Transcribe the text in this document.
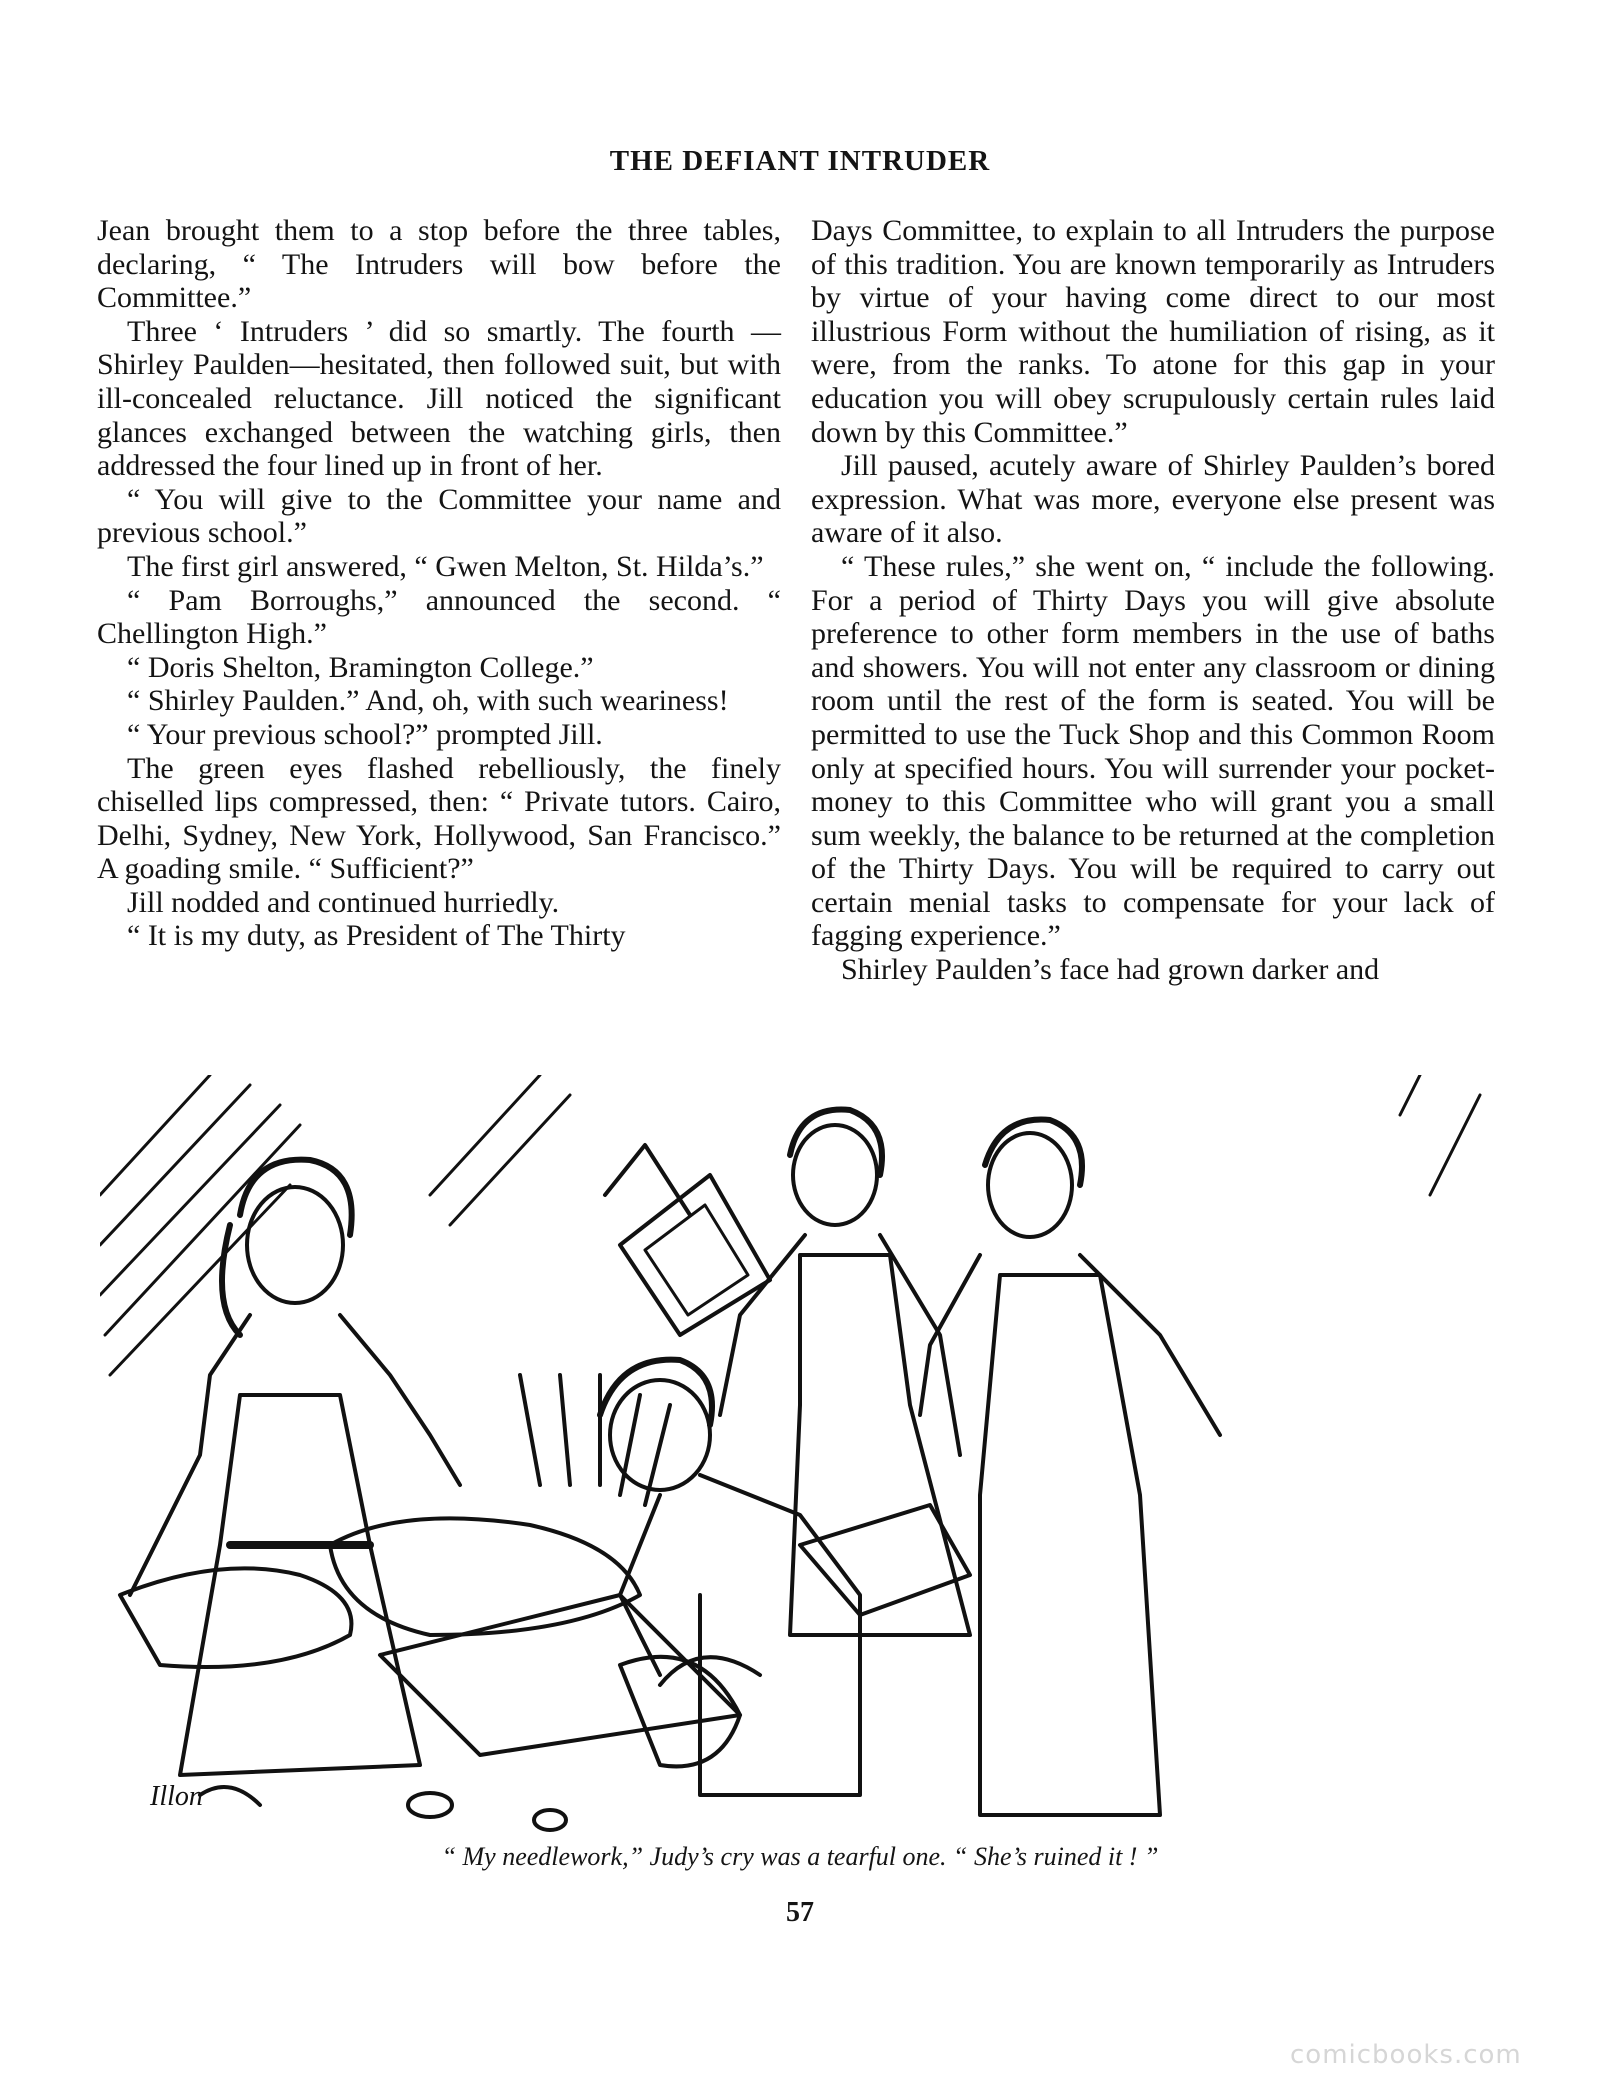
THE DEFIANT INTRUDER

Jean brought them to a stop before the three tables, declaring, “ The Intruders will bow before the Committee.”

Three ‘ Intruders ’ did so smartly. The fourth —Shirley Paulden—hesitated, then followed suit, but with ill-concealed reluctance. Jill noticed the significant glances exchanged between the watching girls, then addressed the four lined up in front of her.

“ You will give to the Committee your name and previous school.”

The first girl answered, “ Gwen Melton, St. Hilda’s.”

“ Pam Borroughs,” announced the second. “ Chellington High.”

“ Doris Shelton, Bramington College.”

“ Shirley Paulden.” And, oh, with such weariness!

“ Your previous school?” prompted Jill.

The green eyes flashed rebelliously, the finely chiselled lips compressed, then: “ Private tutors. Cairo, Delhi, Sydney, New York, Hollywood, San Francisco.” A goading smile. “ Sufficient?”

Jill nodded and continued hurriedly.

“ It is my duty, as President of The Thirty

Days Committee, to explain to all Intruders the purpose of this tradition. You are known temporarily as Intruders by virtue of your having come direct to our most illustrious Form without the humiliation of rising, as it were, from the ranks. To atone for this gap in your education you will obey scrupulously certain rules laid down by this Committee.”

Jill paused, acutely aware of Shirley Paulden’s bored expression. What was more, everyone else present was aware of it also.

“ These rules,” she went on, “ include the following. For a period of Thirty Days you will give absolute preference to other form members in the use of baths and showers. You will not enter any classroom or dining room until the rest of the form is seated. You will be permitted to use the Tuck Shop and this Common Room only at specified hours. You will surrender your pocket-money to this Committee who will grant you a small sum weekly, the balance to be returned at the completion of the Thirty Days. You will be required to carry out certain menial tasks to compensate for your lack of fagging experience.”

Shirley Paulden’s face had grown darker and

Illon
“ My needlework,” Judy’s cry was a tearful one. “ She’s ruined it ! ”
57
comicbooks.com
